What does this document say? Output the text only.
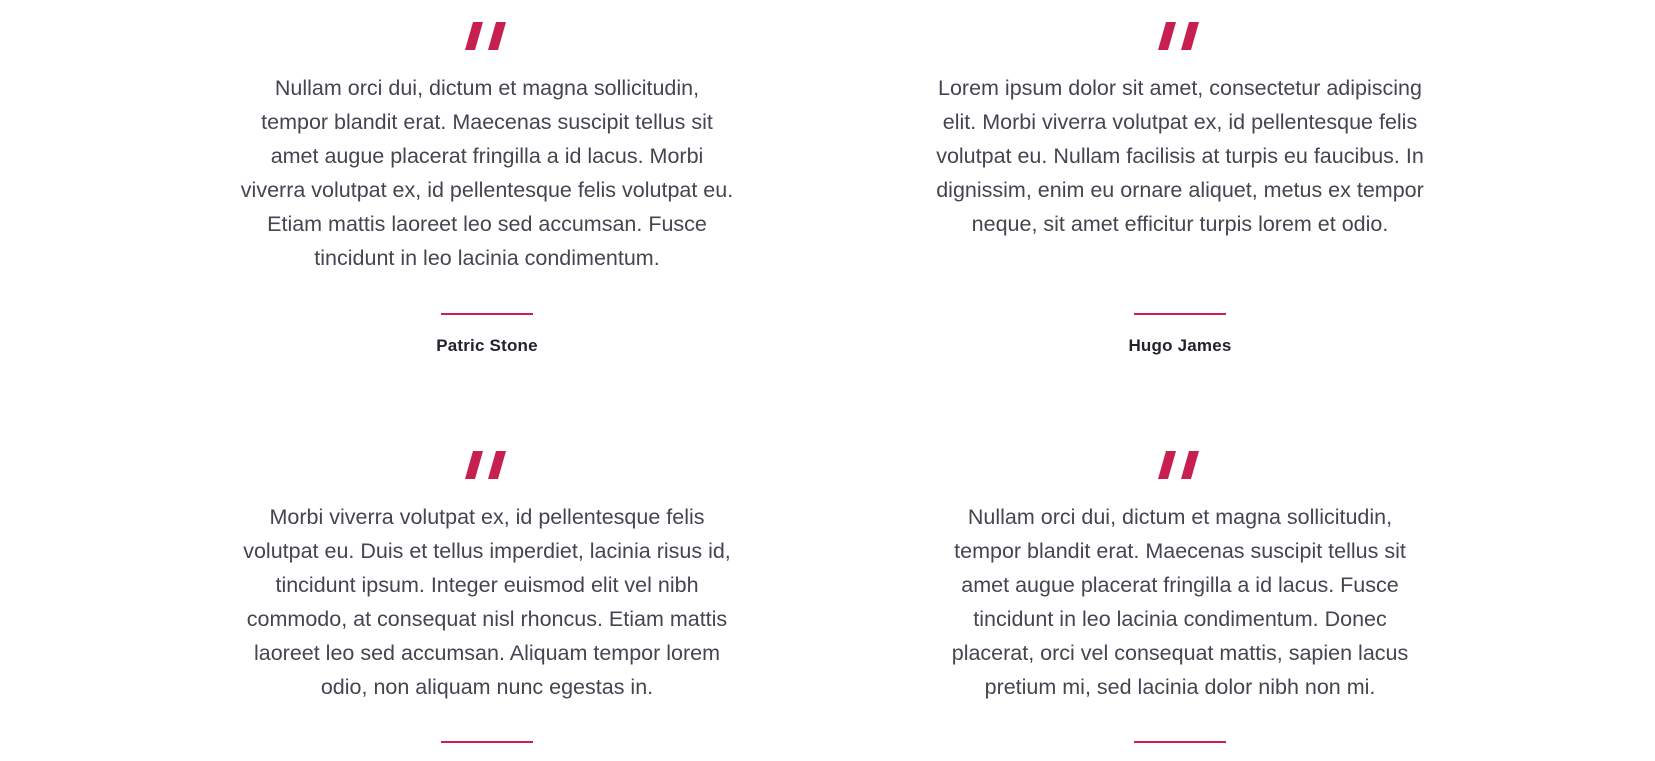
Nullam orci dui, dictum et magna sollicitudin, tempor blandit erat. Maecenas suscipit tellus sit amet augue placerat fringilla a id lacus. Morbi viverra volutpat ex, id pellentesque felis volutpat eu. Etiam mattis laoreet leo sed accumsan. Fusce tincidunt in leo lacinia condimentum.

Patric Stone

Lorem ipsum dolor sit amet, consectetur adipiscing elit. Morbi viverra volutpat ex, id pellentesque felis volutpat eu. Nullam facilisis at turpis eu faucibus. In dignissim, enim eu ornare aliquet, metus ex tempor neque, sit amet efficitur turpis lorem et odio.

Hugo James

Morbi viverra volutpat ex, id pellentesque felis volutpat eu. Duis et tellus imperdiet, lacinia risus id, tincidunt ipsum. Integer euismod elit vel nibh commodo, at consequat nisl rhoncus. Etiam mattis laoreet leo sed accumsan. Aliquam tempor lorem odio, non aliquam nunc egestas in.

Nullam orci dui, dictum et magna sollicitudin, tempor blandit erat. Maecenas suscipit tellus sit amet augue placerat fringilla a id lacus. Fusce tincidunt in leo lacinia condimentum. Donec placerat, orci vel consequat mattis, sapien lacus pretium mi, sed lacinia dolor nibh non mi.
